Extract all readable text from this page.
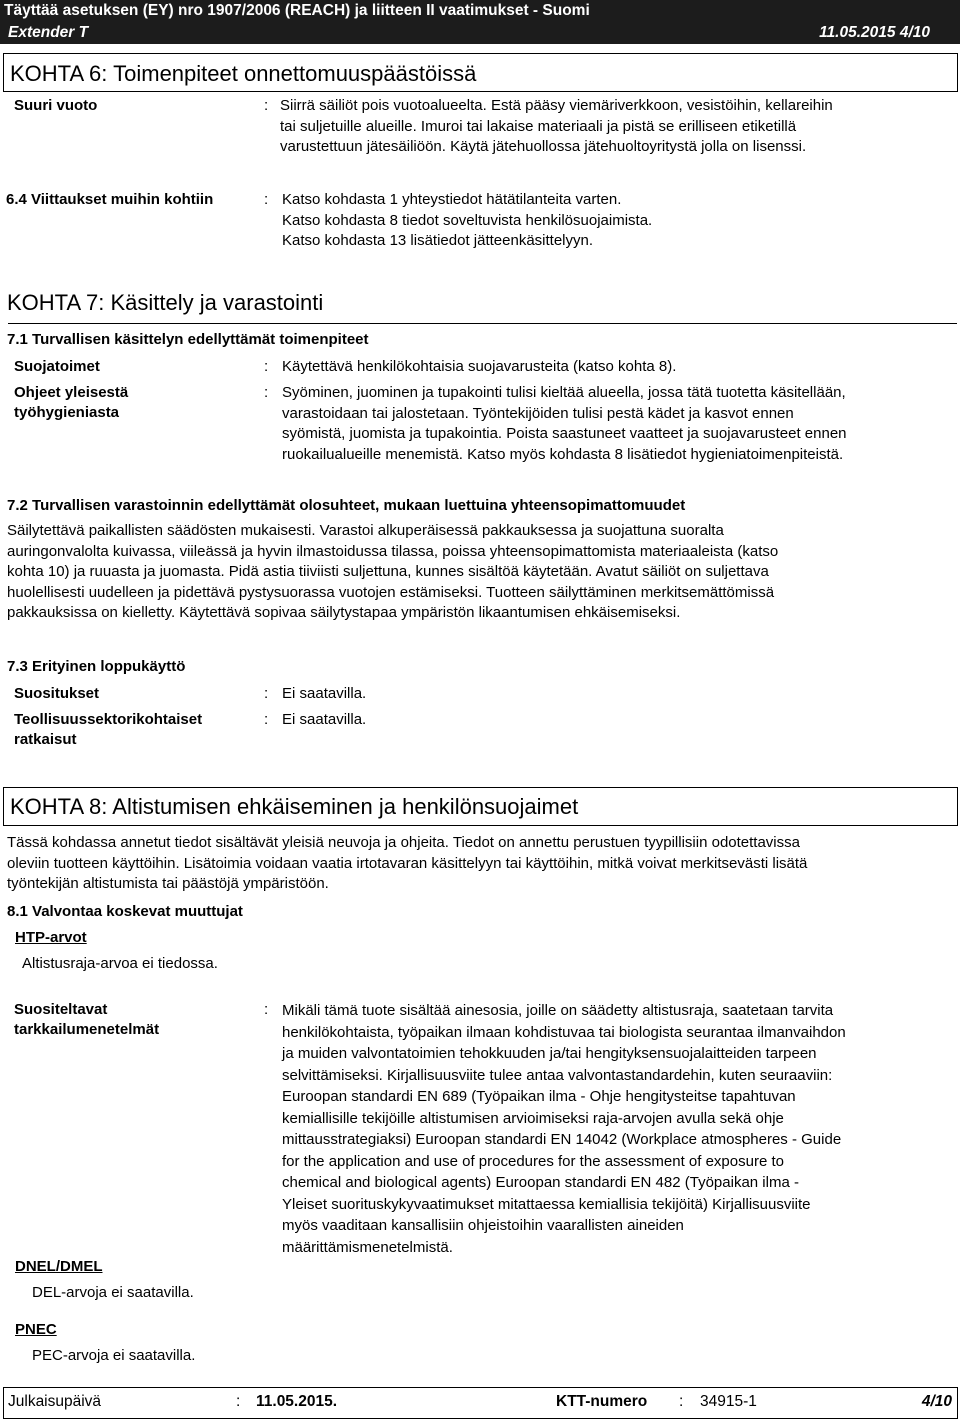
Täyttää asetuksen (EY) nro 1907/2006 (REACH) ja liitteen II vaatimukset - Suomi
Extender T	11.05.2015 4/10
KOHTA 6: Toimenpiteet onnettomuuspäästöissä
Suuri vuoto	: Siirrä säiliöt pois vuotoalueelta. Estä pääsy viemäriverkkoon, vesistöihin, kellareihin
tai suljetuille alueille. Imuroi tai lakaise materiaali ja pistä se erilliseen etiketillä
varustettuun jätesäiliöön. Käytä jätehuollossa jätehuoltoyritystä jolla on lisenssi.
6.4 Viittaukset muihin kohtiin	: Katso kohdasta 1 yhteystiedot hätätilanteita varten.
Katso kohdasta 8 tiedot soveltuvista henkilösuojaimista.
Katso kohdasta 13 lisätiedot jätteenkäsittelyyn.
KOHTA 7: Käsittely ja varastointi
7.1 Turvallisen käsittelyn edellyttämät toimenpiteet
Suojatoimet	: Käytettävä henkilökohtaisia suojavarusteita (katso kohta 8).
Ohjeet yleisestä
työhygieniasta
: Syöminen, juominen ja tupakointi tulisi kieltää alueella, jossa tätä tuotetta käsitellään,
varastoidaan tai jalostetaan. Työntekijöiden tulisi pestä kädet ja kasvot ennen
syömistä, juomista ja tupakointia. Poista saastuneet vaatteet ja suojavarusteet ennen
ruokailualueille menemistä. Katso myös kohdasta 8 lisätiedot hygieniatoimenpiteistä.
7.2 Turvallisen varastoinnin edellyttämät olosuhteet, mukaan luettuina yhteensopimattomuudet
Säilytettävä paikallisten säädösten mukaisesti. Varastoi alkuperäisessä pakkauksessa ja suojattuna suoralta
auringonvalolta kuivassa, viileässä ja hyvin ilmastoidussa tilassa, poissa yhteensopimattomista materiaaleista (katso
kohta 10) ja ruuasta ja juomasta. Pidä astia tiiviisti suljettuna, kunnes sisältöä käytetään. Avatut säiliöt on suljettava
huolellisesti uudelleen ja pidettävä pystysuorassa vuotojen estämiseksi. Tuotteen säilyttäminen merkitsemättömissä
pakkauksissa on kielletty. Käytettävä sopivaa säilytystapaa ympäristön likaantumisen ehkäisemiseksi.
7.3 Erityinen loppukäyttö
Suositukset	: Ei saatavilla.
Teollisuussektorikohtaiset
ratkaisut
: Ei saatavilla.
KOHTA 8: Altistumisen ehkäiseminen ja henkilönsuojaimet
Tässä kohdassa annetut tiedot sisältävät yleisiä neuvoja ja ohjeita. Tiedot on annettu perustuen tyypillisiin odotettavissa
oleviin tuotteen käyttöihin. Lisätoimia voidaan vaatia irtotavaran käsittelyyn tai käyttöihin, mitkä voivat merkitsevästi lisätä
työntekijän altistumista tai päästöjä ympäristöön.
8.1 Valvontaa koskevat muuttujat
HTP-arvot
Altistusraja-arvoa ei tiedossa.
Suositeltavat
tarkkailumenetelmät
: Mikäli tämä tuote sisältää ainesosia, joille on säädetty altistusraja, saatetaan tarvita
henkilökohtaista, työpaikan ilmaan kohdistuvaa tai biologista seurantaa ilmanvaihdon
ja muiden valvontatoimien tehokkuuden ja/tai hengityksensuojalaitteiden tarpeen
selvittämiseksi. Kirjallisuusviite tulee antaa valvontastandardehin, kuten seuraaviin:
Euroopan standardi EN 689 (Työpaikan ilma - Ohje hengitysteitse tapahtuvan
kemiallisille tekijöille altistumisen arvioimiseksi raja-arvojen avulla sekä ohje
mittausstrategiaksi) Euroopan standardi EN 14042 (Workplace atmospheres - Guide
for the application and use of procedures for the assessment of exposure to
chemical and biological agents) Euroopan standardi EN 482 (Työpaikan ilma -
Yleiset suorituskykyvaatimukset mitattaessa kemiallisia tekijöitä) Kirjallisuusviite
myös vaaditaan kansallisiin ohjeistoihin vaarallisten aineiden
määrittämismenetelmistä.
DNEL/DMEL
DEL-arvoja ei saatavilla.
PNEC
PEC-arvoja ei saatavilla.
Julkaisupäivä	: 11.05.2015.	KTT-numero : 34915-1	4/10
